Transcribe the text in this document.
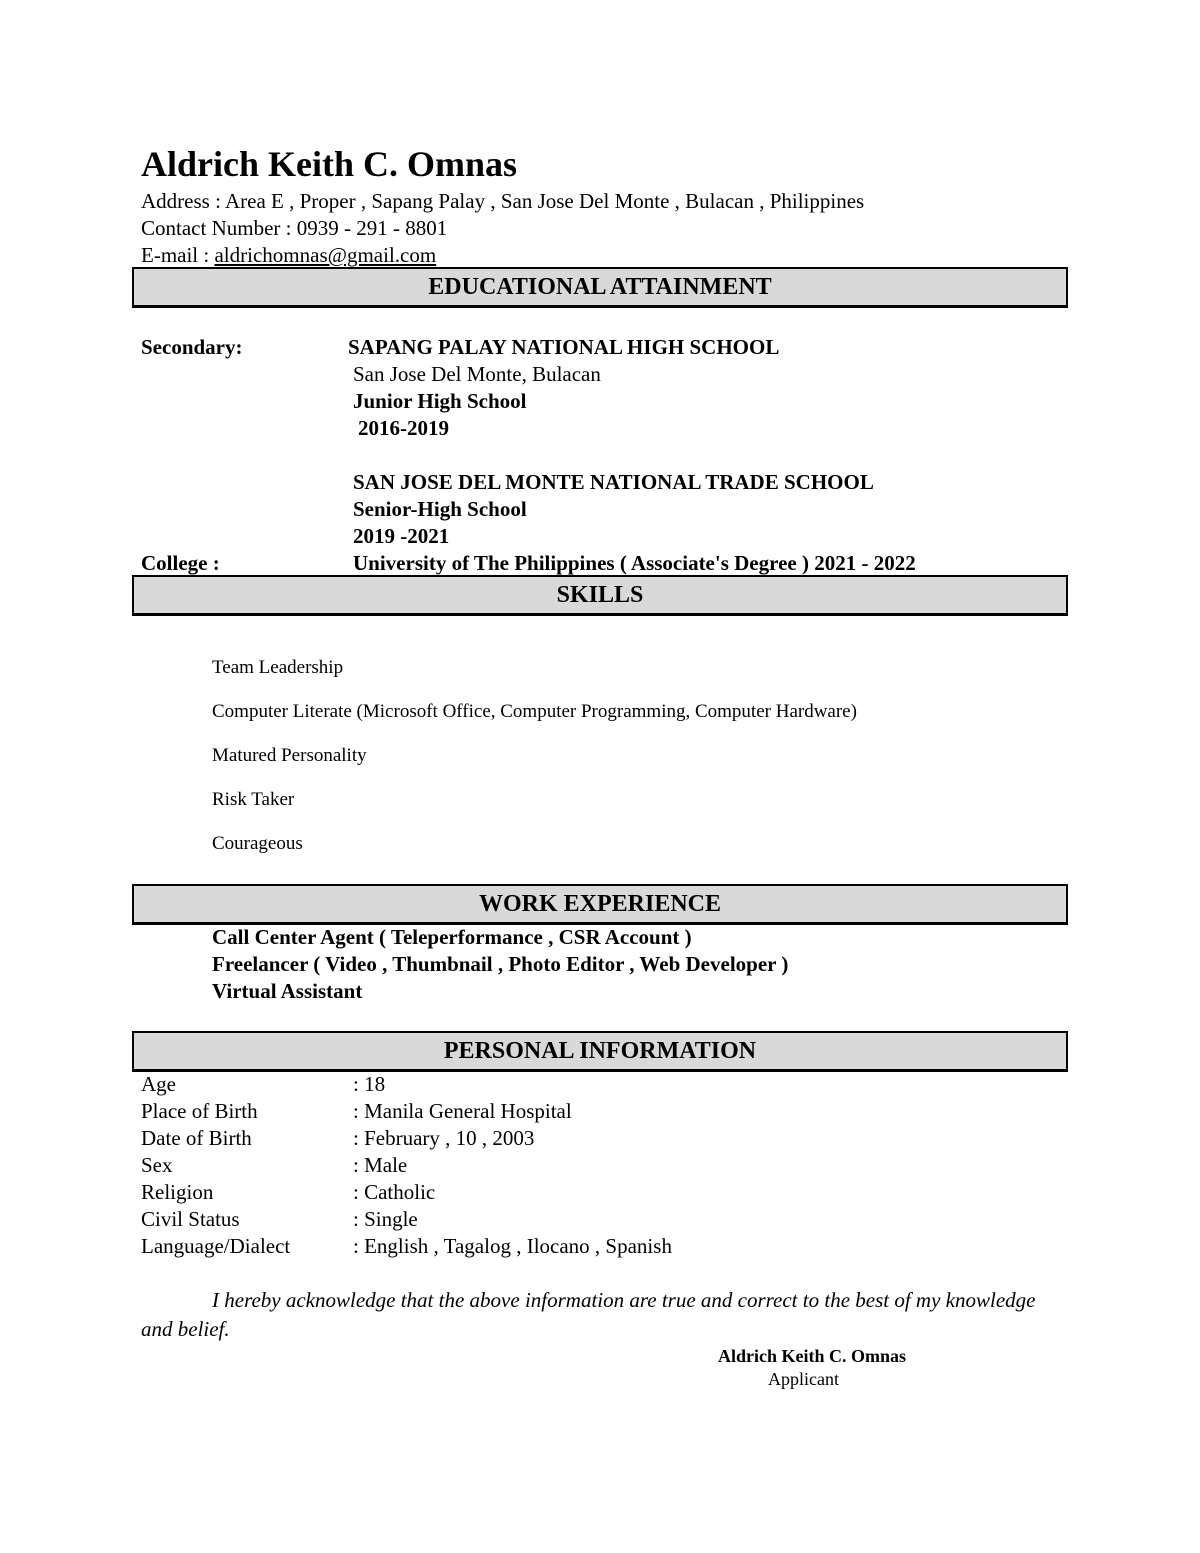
Aldrich Keith C. Omnas
Address : Area E , Proper , Sapang Palay , San Jose Del Monte , Bulacan , Philippines
Contact Number : 0939 - 291 - 8801
E-mail : aldrichomnas@gmail.com
EDUCATIONAL ATTAINMENT
Secondary:	SAPANG PALAY NATIONAL HIGH SCHOOL
San Jose Del Monte, Bulacan
Junior High School
2016-2019
SAN JOSE DEL MONTE NATIONAL TRADE SCHOOL
Senior-High School
2019 -2021
College :	University of The Philippines ( Associate's Degree ) 2021 - 2022
SKILLS
Team Leadership
Computer Literate (Microsoft Office, Computer Programming, Computer Hardware)
Matured Personality
Risk Taker
Courageous
WORK EXPERIENCE
Call Center Agent ( Teleperformance , CSR Account )
Freelancer ( Video , Thumbnail , Photo Editor , Web Developer )
Virtual Assistant
PERSONAL INFORMATION
Age	: 18
Place of Birth	: Manila General Hospital
Date of Birth	: February , 10 , 2003
Sex	: Male
Religion	: Catholic
Civil Status	: Single
Language/Dialect	: English , Tagalog , Ilocano , Spanish
I hereby acknowledge that the above information are true and correct to the best of my knowledge and belief.
Aldrich Keith C. Omnas
Applicant
